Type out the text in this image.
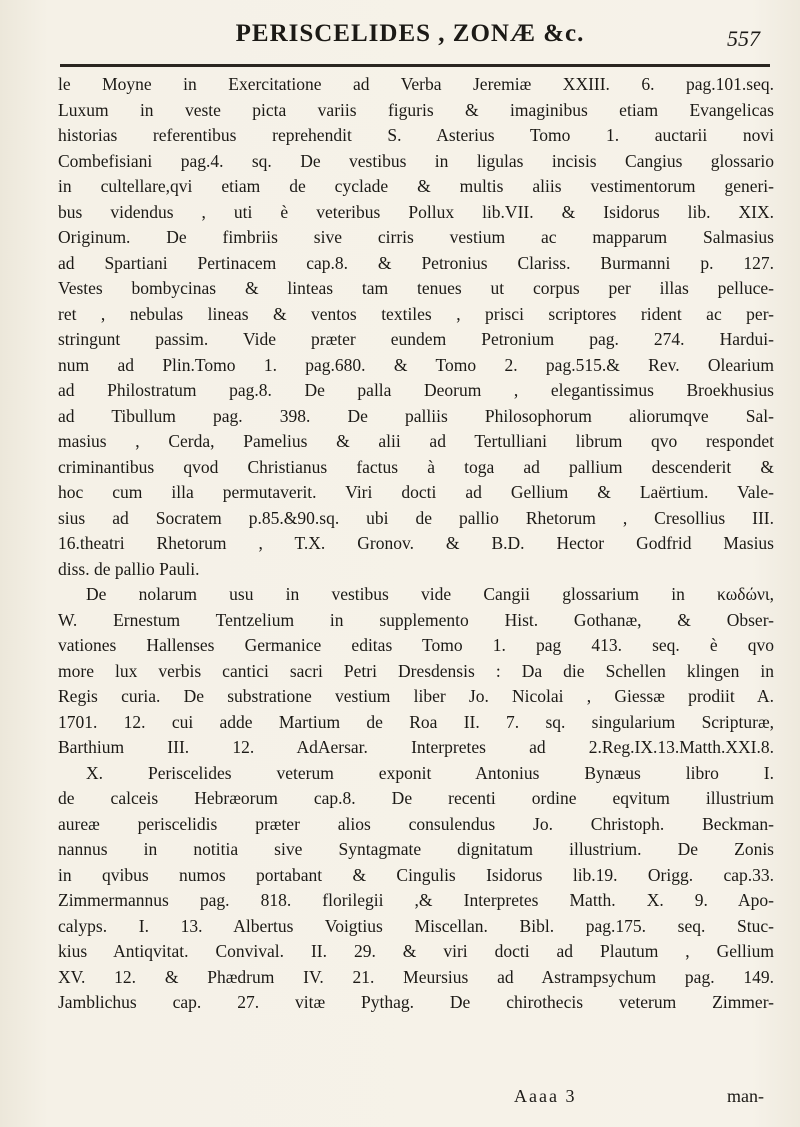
PERISCELIDES , ZONÆ &c.	557
le Moyne in Exercitatione ad Verba Jeremiæ XXIII. 6. pag.101.seq.
Luxum in veste picta variis figuris & imaginibus etiam Evangelicas
historias referentibus reprehendit S. Asterius Tomo 1. auctarii novi
Combefisiani pag.4. sq. De vestibus in ligulas incisis Cangius glossario
in cultellare,qvi etiam de cyclade & multis aliis vestimentorum generi-
bus videndus , uti è veteribus Pollux lib.VII. & Isidorus lib. XIX.
Originum. De fimbriis sive cirris vestium ac mapparum Salmasius
ad Spartiani Pertinacem cap.8. & Petronius Clariss. Burmanni p. 127.
Vestes bombycinas & linteas tam tenues ut corpus per illas pelluce-
ret , nebulas lineas & ventos textiles , prisci scriptores rident ac per-
stringunt passim. Vide præter eundem Petronium pag. 274. Hardui-
num ad Plin.Tomo 1. pag.680. & Tomo 2. pag.515.& Rev. Olearium
ad Philostratum pag.8. De palla Deorum , elegantissimus Broekhusius
ad Tibullum pag. 398. De palliis Philosophorum aliorumqve Sal-
masius , Cerda, Pamelius & alii ad Tertulliani librum qvo respondet
criminantibus qvod Christianus factus à toga ad pallium descenderit &
hoc cum illa permutaverit. Viri docti ad Gellium & Laërtium. Vale-
sius ad Socratem p.85.&90.sq. ubi de pallio Rhetorum , Cresollius III.
16.theatri Rhetorum , T.X. Gronov. & B.D. Hector Godfrid Masius
diss. de pallio Pauli.
De nolarum usu in vestibus vide Cangii glossarium in κωδώνι,
W. Ernestum Tentzelium in supplemento Hist. Gothanæ, & Obser-
vationes Hallenses Germanice editas Tomo 1. pag 413. seq. è qvo
more lux verbis cantici sacri Petri Dresdensis : Da die Schellen klingen in
Regis curia. De substratione vestium liber Jo. Nicolai , Giessæ prodiit A.
1701. 12. cui adde Martium de Roa II. 7. sq. singularium Scripturæ,
Barthium III. 12. AdAersar. Interpretes ad 2.Reg.IX.13.Matth.XXI.8.
X. Periscelides veterum exponit Antonius Bynæus libro I.
de calceis Hebræorum cap.8. De recenti ordine eqvitum illustrium
aureæ periscelidis præter alios consulendus Jo. Christoph. Beckman-
nannus in notitia sive Syntagmate dignitatum illustrium. De Zonis
in qvibus numos portabant & Cingulis Isidorus lib.19. Origg. cap.33.
Zimmermannus pag. 818. florilegii ,& Interpretes Matth. X. 9. Apo-
calyps. I. 13. Albertus Voigtius Miscellan. Bibl. pag.175. seq. Stuc-
kius Antiqvitat. Convival. II. 29. & viri docti ad Plautum , Gellium
XV. 12. & Phædrum IV. 21. Meursius ad Astrampsychum pag. 149.
Jamblichus cap. 27. vitæ Pythag. De chirothecis veterum Zimmer-
Aaaa 3	man-
